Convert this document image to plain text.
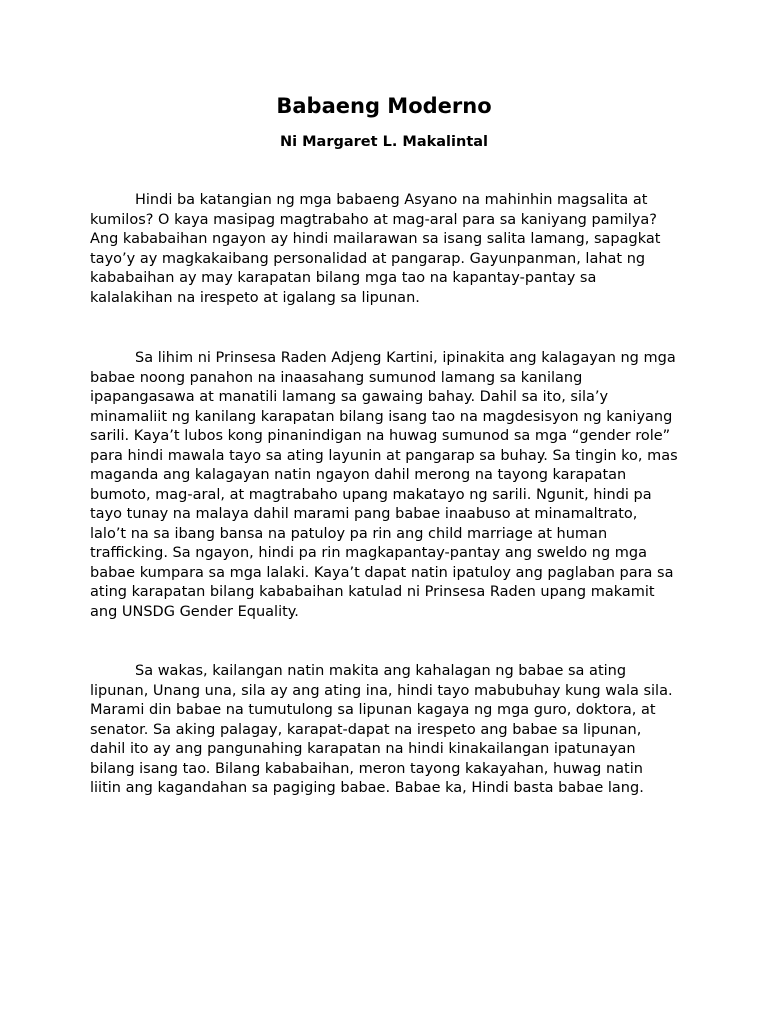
Babaeng Moderno

Ni Margaret L. Makalintal

Hindi ba katangian ng mga babaeng Asyano na mahinhin magsalita at kumilos? O kaya masipag magtrabaho at mag-aral para sa kaniyang pamilya? Ang kababaihan ngayon ay hindi mailarawan sa isang salita lamang, sapagkat tayo’y ay magkakaibang personalidad at pangarap. Gayunpanman, lahat ng kababaihan ay may karapatan bilang mga tao na kapantay-pantay sa kalalakihan na irespeto at igalang sa lipunan.

Sa lihim ni Prinsesa Raden Adjeng Kartini, ipinakita ang kalagayan ng mga babae noong panahon na inaasahang sumunod lamang sa kanilang ipapangasawa at manatili lamang sa gawaing bahay. Dahil sa ito, sila’y minamaliit ng kanilang karapatan bilang isang tao na magdesisyon ng kaniyang sarili. Kaya’t lubos kong pinanindigan na huwag sumunod sa mga “gender role” para hindi mawala tayo sa ating layunin at pangarap sa buhay. Sa tingin ko, mas maganda ang kalagayan natin ngayon dahil merong na tayong karapatan bumoto, mag-aral, at magtrabaho upang makatayo ng sarili. Ngunit, hindi pa tayo tunay na malaya dahil marami pang babae inaabuso at minamaltrato, lalo’t na sa ibang bansa na patuloy pa rin ang child marriage at human trafficking. Sa ngayon, hindi pa rin magkapantay-pantay ang sweldo ng mga babae kumpara sa mga lalaki. Kaya’t dapat natin ipatuloy ang paglaban para sa ating karapatan bilang kababaihan katulad ni Prinsesa Raden upang makamit ang UNSDG Gender Equality.

Sa wakas, kailangan natin makita ang kahalagan ng babae sa ating lipunan, Unang una, sila ay ang ating ina, hindi tayo mabubuhay kung wala sila. Marami din babae na tumutulong sa lipunan kagaya ng mga guro, doktora, at senator. Sa aking palagay, karapat-dapat na irespeto ang babae sa lipunan, dahil ito ay ang pangunahing karapatan na hindi kinakailangan ipatunayan bilang isang tao. Bilang kababaihan, meron tayong kakayahan, huwag natin liitin ang kagandahan sa pagiging babae. Babae ka, Hindi basta babae lang.
